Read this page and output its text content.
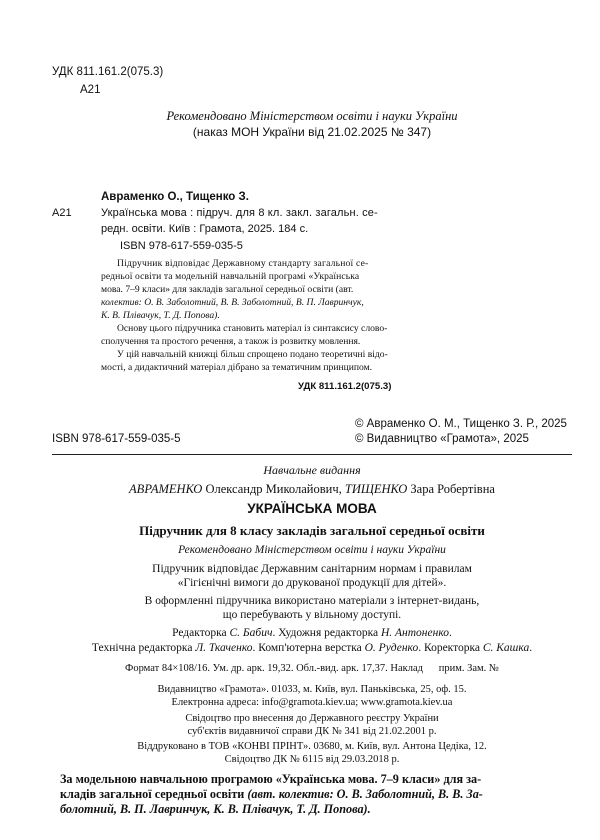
УДК 811.161.2(075.3)
А21
Рекомендовано Міністерством освіти і науки України
(наказ МОН України від 21.02.2025 № 347)
Авраменко О., Тищенко З.
А21	Українська мова : підруч. для 8 кл. закл. загальн. се-
редн. освіти. Київ : Грамота, 2025. 184 с.
ISBN 978-617-559-035-5
Підручник відповідає Державному стандарту загальної се-
редньої освіти та модельній навчальній програмі «Українська
мова. 7–9 класи» для закладів загальної середньої освіти (авт.
колектив: О. В. Заболотний, В. В. Заболотний, В. П. Лавринчук,
К. В. Плівачук, Т. Д. Попова).
Основу цього підручника становить матеріал із синтаксису слово-
сполучення та простого речення, а також із розвитку мовлення.
У цій навчальній книжці більш спрощено подано теоретичні відо-
мості, а дидактичний матеріал дібрано за тематичним принципом.
УДК 811.161.2(075.3)
© Авраменко О. М., Тищенко З. Р., 2025
ISBN 978-617-559-035-5	© Видавництво «Грамота», 2025
Навчальне видання
АВРАМЕНКО Олександр Миколайович, ТИЩЕНКО Зара Робертівна
УКРАЇНСЬКА МОВА
Підручник для 8 класу закладів загальної середньої освіти
Рекомендовано Міністерством освіти і науки України
Підручник відповідає Державним санітарним нормам і правилам
«Гігієнічні вимоги до друкованої продукції для дітей».
В оформленні підручника використано матеріали з інтернет-видань,
що перебувають у вільному доступі.
Редакторка С. Бабич. Художня редакторка Н. Антоненко.
Технічна редакторка Л. Ткаченко. Комп'ютерна верстка О. Руденко. Коректорка С. Кашка.
Формат 84×108/16. Ум. др. арк. 19,32. Обл.-вид. арк. 17,37. Наклад      прим. Зам. №
Видавництво «Грамота». 01033, м. Київ, вул. Паньківська, 25, оф. 15.
Електронна адреса: info@gramota.kiev.ua; www.gramota.kiev.ua
Свідоцтво про внесення до Державного реєстру України
суб'єктів видавничої справи ДК № 341 від 21.02.2001 р.
Віддруковано в ТОВ «КОНВІ ПРІНТ». 03680, м. Київ, вул. Антона Цедіка, 12.
Свідоцтво ДК № 6115 від 29.03.2018 р.
За модельною навчальною програмою «Українська мова. 7–9 класи» для за-
кладів загальної середньої освіти (авт. колектив: О. В. Заболотний, В. В. За-
болотний, В. П. Лавринчук, К. В. Плівачук, Т. Д. Попова).
